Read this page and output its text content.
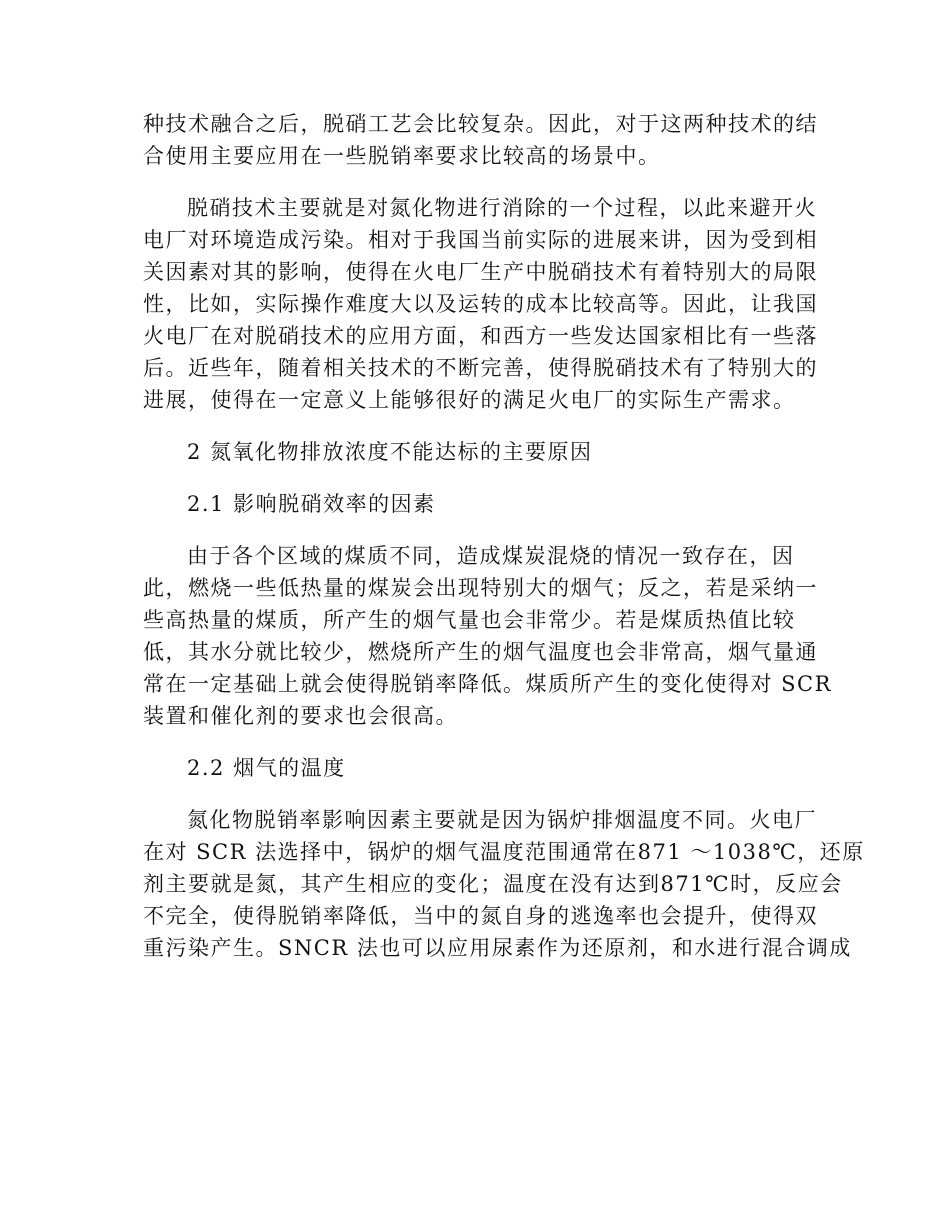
种技术融合之后，脱硝工艺会比较复杂。因此，对于这两种技术的结
合使用主要应用在一些脱销率要求比较高的场景中。
脱硝技术主要就是对氮化物进行消除的一个过程，以此来避开火
电厂对环境造成污染。相对于我国当前实际的进展来讲，因为受到相
关因素对其的影响，使得在火电厂生产中脱硝技术有着特别大的局限
性，比如，实际操作难度大以及运转的成本比较高等。因此，让我国
火电厂在对脱硝技术的应用方面，和西方一些发达国家相比有一些落
后。近些年，随着相关技术的不断完善，使得脱硝技术有了特别大的
进展，使得在一定意义上能够很好的满足火电厂的实际生产需求。
2 氮氧化物排放浓度不能达标的主要原因
2.1 影响脱硝效率的因素
由于各个区域的煤质不同，造成煤炭混烧的情况一致存在，因
此，燃烧一些低热量的煤炭会出现特别大的烟气；反之，若是采纳一
些高热量的煤质，所产生的烟气量也会非常少。若是煤质热值比较
低，其水分就比较少，燃烧所产生的烟气温度也会非常高，烟气量通
常在一定基础上就会使得脱销率降低。煤质所产生的变化使得对 SCR
装置和催化剂的要求也会很高。
2.2 烟气的温度
氮化物脱销率影响因素主要就是因为锅炉排烟温度不同。火电厂
在对 SCR 法选择中，锅炉的烟气温度范围通常在871 ～1038℃，还原
剂主要就是氮，其产生相应的变化；温度在没有达到871℃时，反应会
不完全，使得脱销率降低，当中的氮自身的逃逸率也会提升，使得双
重污染产生。SNCR 法也可以应用尿素作为还原剂，和水进行混合调成
